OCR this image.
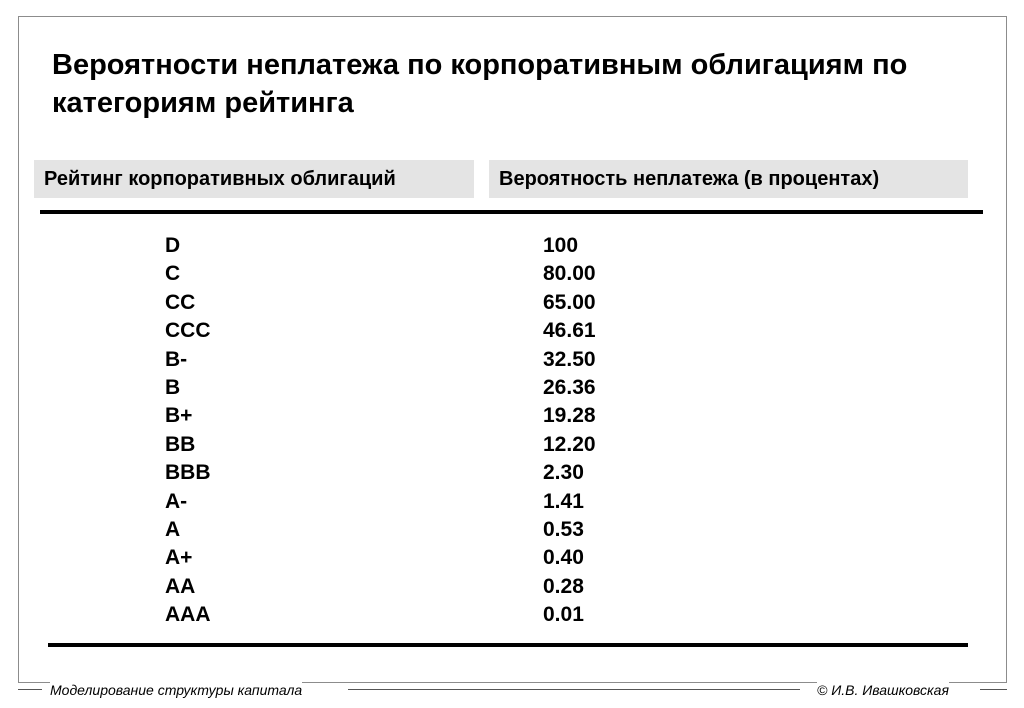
Вероятности неплатежа по корпоративным облигациям по категориям рейтинга
Рейтинг корпоративных облигаций	Вероятность неплатежа (в процентах)
D	100
C	80.00
CC	65.00
CCC	46.61
B-	32.50
B	26.36
B+	19.28
BB	12.20
BBB	2.30
A-	1.41
A	0.53
A+	0.40
AA	0.28
AAA	0.01
Моделирование структуры капитала	© И.В. Ивашковская
